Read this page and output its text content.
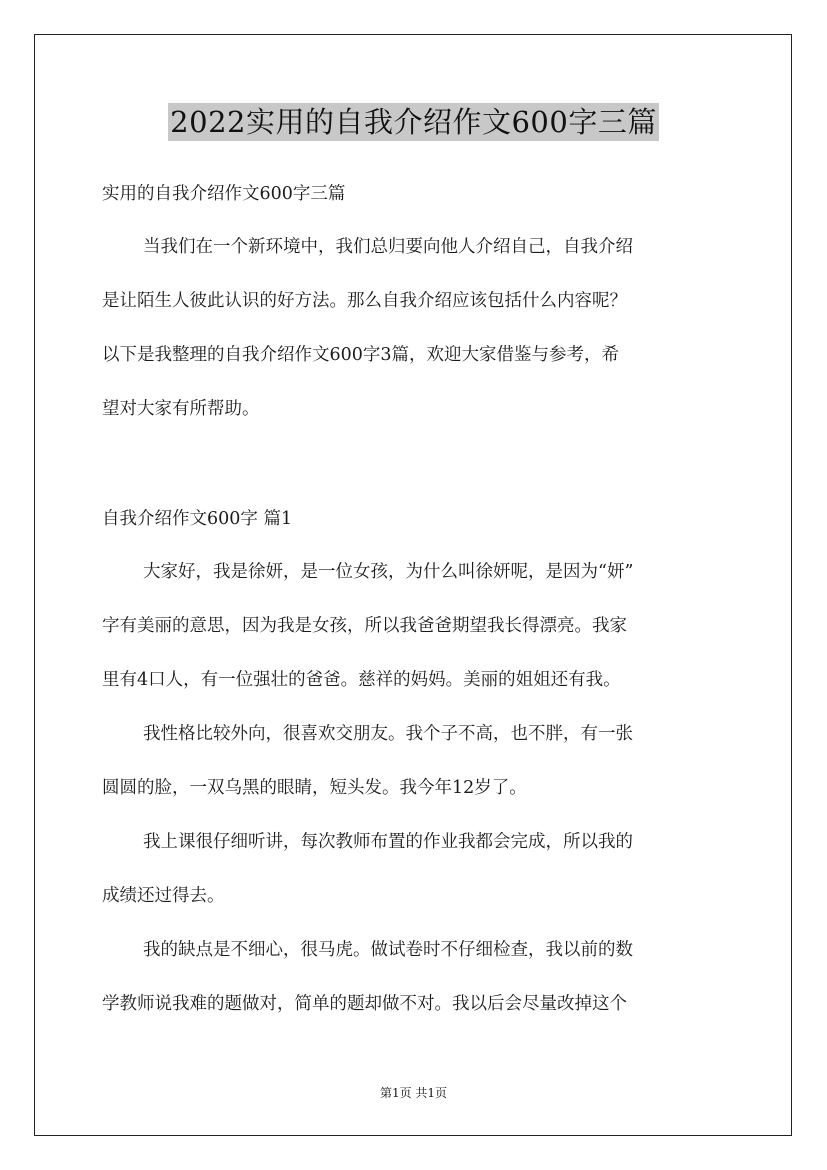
2022实用的自我介绍作文600字三篇
实用的自我介绍作文600字三篇
当我们在一个新环境中，我们总归要向他人介绍自己，自我介绍
是让陌生人彼此认识的好方法。那么自我介绍应该包括什么内容呢？
以下是我整理的自我介绍作文600字3篇，欢迎大家借鉴与参考，希
望对大家有所帮助。
自我介绍作文600字 篇1
大家好，我是徐妍，是一位女孩，为什么叫徐妍呢，是因为“妍”
字有美丽的意思，因为我是女孩，所以我爸爸期望我长得漂亮。我家
里有4口人，有一位强壮的爸爸。慈祥的妈妈。美丽的姐姐还有我。
我性格比较外向，很喜欢交朋友。我个子不高，也不胖，有一张
圆圆的脸，一双乌黑的眼睛，短头发。我今年12岁了。
我上课很仔细听讲，每次教师布置的作业我都会完成，所以我的
成绩还过得去。
我的缺点是不细心，很马虎。做试卷时不仔细检查，我以前的数
学教师说我难的题做对，简单的题却做不对。我以后会尽量改掉这个
第1页 共1页
